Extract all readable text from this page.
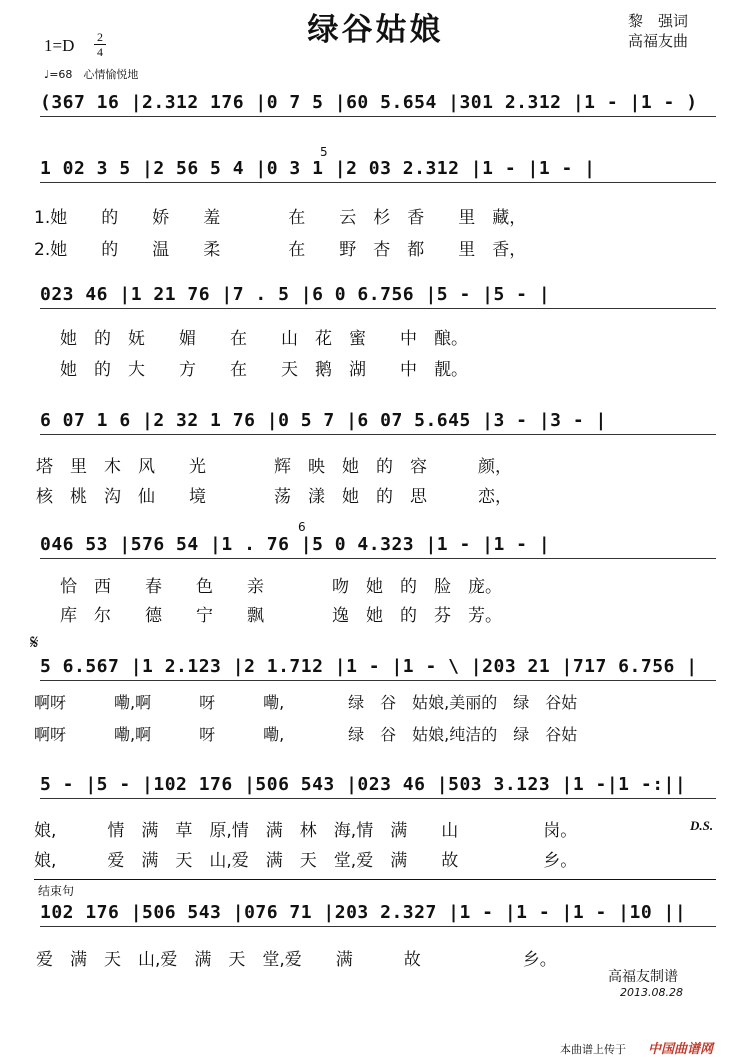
绿谷姑娘	黎　强词
高福友曲
1=D 2
4
♩=68　心情愉悦地
(367 16 |2.312 176 |0 7 5 |60 5.654 |301 2.312 |1 - |1 - )
1 02 3 5 |2 56 5 4 |0 3 1 |2 03 2.312 |1 - |1 - |
5
1.她　　的　　娇　　羞　　　　在　　云　杉　香　　里　藏，
2.她　　的　　温　　柔　　　　在　　野　杏　都　　里　香，
023 46 |1 21 76 |7 . 5 |6 0 6.756 |5 - |5 - |
她　的　妩　　媚　　在　　山　花　蜜　　中　酿。
她　的　大　　方　　在　　天　鹅　湖　　中　靓。
6 07 1 6 |2 32 1 76 |0 5 7 |6 07 5.645 |3 - |3 - |
塔　里　木　风　　光　　　　辉　映　她　的　容　　　颜，
核　桃　沟　仙　　境　　　　荡　漾　她　的　思　　　恋，
046 53 |576 54 |1 . 76 |5 0 4.323 |1 - |1 - |
6
恰　西　　春　　色　　亲　　　　吻　她　的　脸　庞。
库　尔　　德　　宁　　飘　　　　逸　她　的　芬　芳。
𝄋
5 6.567 |1 2.123 |2 1.712 |1 - |1 - \ |203 21 |717 6.756 |
啊呀　　　嘞,啊　　　呀　　　嘞,　　　　绿　谷　姑娘,美丽的　绿　谷姑
啊呀　　　嘞,啊　　　呀　　　嘞,　　　　绿　谷　姑娘,纯洁的　绿　谷姑
5 - |5 - |102 176 |506 543 |023 46 |503 3.123 |1 -|1 -:||
娘,　　　情　满　草　原,情　满　林　海,情　满　　山　　　　　岗。	D.S.
娘,　　　爱　满　天　山,爱　满　天　堂,爱　满　　故　　　　　乡。
结束句
102 176 |506 543 |076 71 |203 2.327 |1 - |1 - |1 - |10 ||
爱　满　天　山,爱　满　天　堂,爱　　满　　　故　　　　　　乡。
高福友制谱
2013.08.28
本曲谱上传于 中国曲谱网
